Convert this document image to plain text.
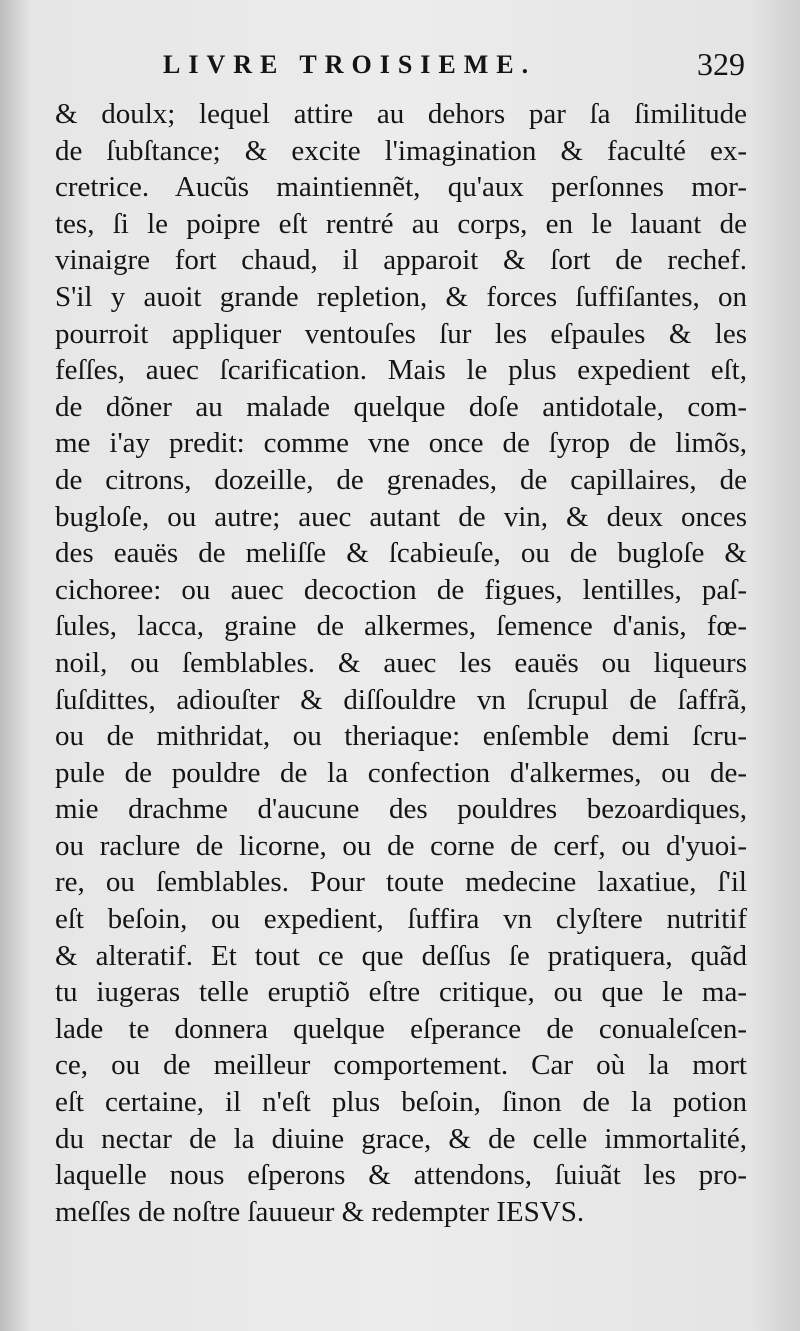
LIVRE TROISIEME.	329
& doulx; lequel attire au dehors par ſa ſimilitude
de ſubſtance; & excite l'imagination & faculté ex-
cretrice. Aucũs maintiennẽt, qu'aux perſonnes mor-
tes, ſi le poipre eſt rentré au corps, en le lauant de
vinaigre fort chaud, il apparoit & ſort de rechef.
S'il y auoit grande repletion, & forces ſuffiſantes, on
pourroit appliquer ventouſes ſur les eſpaules & les
feſſes, auec ſcarification. Mais le plus expedient eſt,
de dõner au malade quelque doſe antidotale, com-
me i'ay predit: comme vne once de ſyrop de limõs,
de citrons, dozeille, de grenades, de capillaires, de
bugloſe, ou autre; auec autant de vin, & deux onces
des eauës de meliſſe & ſcabieuſe, ou de bugloſe &
cichoree: ou auec decoction de figues, lentilles, paſ-
ſules, lacca, graine de alkermes, ſemence d'anis, fœ-
noil, ou ſemblables. & auec les eauës ou liqueurs
ſuſdittes, adiouſter & diſſouldre vn ſcrupul de ſaffrã,
ou de mithridat, ou theriaque: enſemble demi ſcru-
pule de pouldre de la confection d'alkermes, ou de-
mie drachme d'aucune des pouldres bezoardiques,
ou raclure de licorne, ou de corne de cerf, ou d'yuoi-
re, ou ſemblables. Pour toute medecine laxatiue, ſ'il
eſt beſoin, ou expedient, ſuffira vn clyſtere nutritif
& alteratif. Et tout ce que deſſus ſe pratiquera, quãd
tu iugeras telle eruptiõ eſtre critique, ou que le ma-
lade te donnera quelque eſperance de conualeſcen-
ce, ou de meilleur comportement. Car où la mort
eſt certaine, il n'eſt plus beſoin, ſinon de la potion
du nectar de la diuine grace, & de celle immortalité,
laquelle nous eſperons & attendons, ſuiuãt les pro-
meſſes de noſtre ſauueur & redempter IESVS.
